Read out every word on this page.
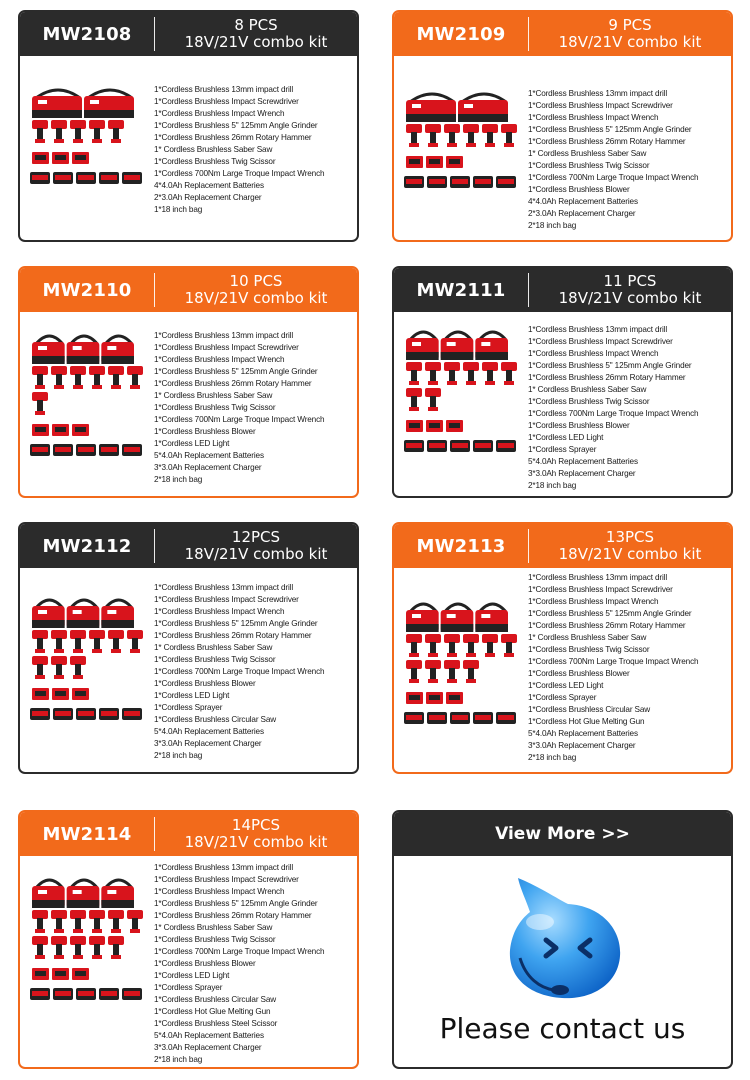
MW2108	8 PCS
18V/21V combo kit
1*Cordless Brushless 13mm impact drill
1*Cordless Brushless Impact Screwdriver
1*Cordless Brushless Impact Wrench
1*Cordless Brushless 5" 125mm Angle Grinder
1*Cordless Brushless 26mm Rotary Hammer
1* Cordless Brushless Saber Saw
1*Cordless Brushless Twig Scissor
1*Cordless 700Nm Large Troque Impact Wrench
4*4.0Ah Replacement Batteries
2*3.0Ah Replacement Charger
1*18 inch bag
MW2109	9 PCS
18V/21V combo kit
1*Cordless Brushless 13mm impact drill
1*Cordless Brushless Impact Screwdriver
1*Cordless Brushless Impact Wrench
1*Cordless Brushless 5" 125mm Angle Grinder
1*Cordless Brushless 26mm Rotary Hammer
1* Cordless Brushless Saber Saw
1*Cordless Brushless Twig Scissor
1*Cordless 700Nm Large Troque Impact Wrench
1*Cordless Brushless Blower
4*4.0Ah Replacement Batteries
2*3.0Ah Replacement Charger
2*18 inch bag
MW2110	10 PCS
18V/21V combo kit
1*Cordless Brushless 13mm impact drill
1*Cordless Brushless Impact Screwdriver
1*Cordless Brushless Impact Wrench
1*Cordless Brushless 5" 125mm Angle Grinder
1*Cordless Brushless 26mm Rotary Hammer
1* Cordless Brushless Saber Saw
1*Cordless Brushless Twig Scissor
1*Cordless 700Nm Large Troque Impact Wrench
1*Cordless Brushless Blower
1*Cordless LED Light
5*4.0Ah Replacement Batteries
3*3.0Ah Replacement Charger
2*18 inch bag
MW2111	11 PCS
18V/21V combo kit
1*Cordless Brushless 13mm impact drill
1*Cordless Brushless Impact Screwdriver
1*Cordless Brushless Impact Wrench
1*Cordless Brushless 5" 125mm Angle Grinder
1*Cordless Brushless 26mm Rotary Hammer
1* Cordless Brushless Saber Saw
1*Cordless Brushless Twig Scissor
1*Cordless 700Nm Large Troque Impact Wrench
1*Cordless Brushless Blower
1*Cordless LED Light
1*Cordless Sprayer
5*4.0Ah Replacement Batteries
3*3.0Ah Replacement Charger
2*18 inch bag
MW2112	12PCS
18V/21V combo kit
1*Cordless Brushless 13mm impact drill
1*Cordless Brushless Impact Screwdriver
1*Cordless Brushless Impact Wrench
1*Cordless Brushless 5" 125mm Angle Grinder
1*Cordless Brushless 26mm Rotary Hammer
1* Cordless Brushless Saber Saw
1*Cordless Brushless Twig Scissor
1*Cordless 700Nm Large Troque Impact Wrench
1*Cordless Brushless Blower
1*Cordless LED Light
1*Cordless Sprayer
1*Cordless Brushless Circular Saw
5*4.0Ah Replacement Batteries
3*3.0Ah Replacement Charger
2*18 inch bag
MW2113	13PCS
18V/21V combo kit
1*Cordless Brushless 13mm impact drill
1*Cordless Brushless Impact Screwdriver
1*Cordless Brushless Impact Wrench
1*Cordless Brushless 5" 125mm Angle Grinder
1*Cordless Brushless 26mm Rotary Hammer
1* Cordless Brushless Saber Saw
1*Cordless Brushless Twig Scissor
1*Cordless 700Nm Large Troque Impact Wrench
1*Cordless Brushless Blower
1*Cordless LED Light
1*Cordless Sprayer
1*Cordless Brushless Circular Saw
1*Cordless Hot Glue Melting Gun
5*4.0Ah Replacement Batteries
3*3.0Ah Replacement Charger
2*18 inch bag
MW2114	14PCS
18V/21V combo kit
1*Cordless Brushless 13mm impact drill
1*Cordless Brushless Impact Screwdriver
1*Cordless Brushless Impact Wrench
1*Cordless Brushless 5" 125mm Angle Grinder
1*Cordless Brushless 26mm Rotary Hammer
1* Cordless Brushless Saber Saw
1*Cordless Brushless Twig Scissor
1*Cordless 700Nm Large Troque Impact Wrench
1*Cordless Brushless Blower
1*Cordless LED Light
1*Cordless Sprayer
1*Cordless Brushless Circular Saw
1*Cordless Hot Glue Melting Gun
1*Cordless Brushless Steel Scissor
5*4.0Ah Replacement Batteries
3*3.0Ah Replacement Charger
2*18 inch bag
View More >>
Please contact us
